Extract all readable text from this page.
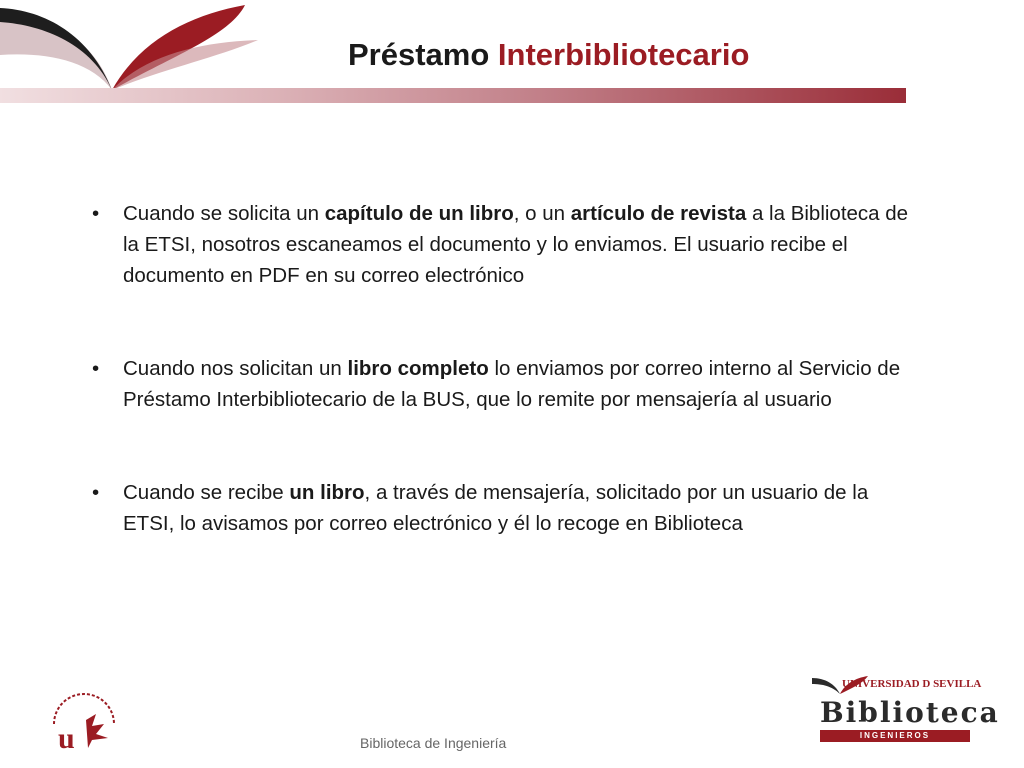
Préstamo Interbibliotecario
• Cuando se solicita un capítulo de un libro, o un artículo de revista a la Biblioteca de la ETSI, nosotros escaneamos el documento y lo enviamos. El usuario recibe el documento en PDF en su correo electrónico
• Cuando nos solicitan un libro completo lo enviamos por correo interno al Servicio de Préstamo Interbibliotecario de la BUS, que lo remite por mensajería al usuario
• Cuando se recibe un libro, a través de mensajería, solicitado por un usuario de la ETSI, lo avisamos por correo electrónico y él lo recoge en Biblioteca
u
UNIVERSIDAD D SEVILLA
Biblioteca
INGENIEROS
Biblioteca de Ingeniería
